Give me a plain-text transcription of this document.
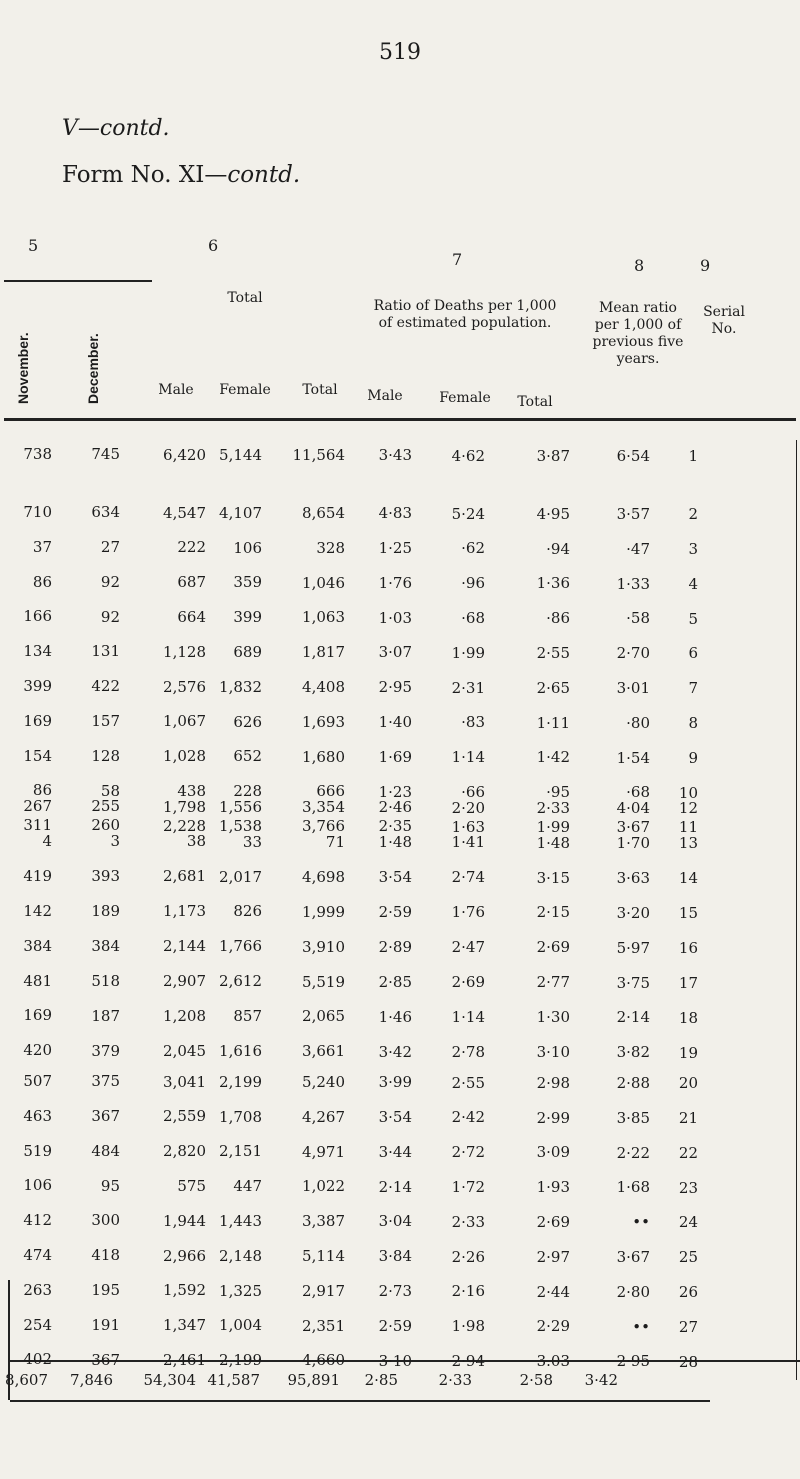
519
V—contd.
Form No. XI—contd.
5	6
7	8	9
November.	December.
Total
Male	Female	Total
Ratio of Deaths per 1,000 of estimated population.
Male	Female	Total
Mean ratio per 1,000 of previous five years.
Serial No.
738	745	6,420 5,144	11,564	3·43	4·62	3·87	6·54	1
710	634	4,547 4,107	8,654	4·83	5·24	4·95	3·57	2
37	27	222	106	328	1·25	·62	·94	·47	3
86	92	687	359	1,046	1·76	·96	1·36	1·33	4
166	92	664	399	1,063	1·03	·68	·86	·58	5
134	131	1,128	689	1,817	3·07	1·99	2·55	2·70	6
399	422	2,576 1,832	4,408	2·95	2·31	2·65	3·01	7
169	157	1,067	626	1,693	1·40	·83	1·11	·80	8
154	128	1,028	652	1,680	1·69	1·14	1·42	1·54	9
86	58	438	228	666	1·23	·66	·95	·68	10
311	260	2,228 1,538	3,766	2·35	1·63	1·99	3·67	11
267	255	1,798 1,556	3,354	2·46	2·20	2·33	4·04	12
4	3	38	33	71	1·48	1·41	1·48	1·70	13
419	393	2,681 2,017	4,698	3·54	2·74	3·15	3·63	14
142	189	1,173	826	1,999	2·59	1·76	2·15	3·20	15
384	384	2,144 1,766	3,910	2·89	2·47	2·69	5·97	16
481	518	2,907 2,612	5,519	2·85	2·69	2·77	3·75	17
169	187	1,208	857	2,065	1·46	1·14	1·30	2·14	18
420	379	2,045 1,616	3,661	3·42	2·78	3·10	3·82	19
507	375	3,041 2,199	5,240	3·99	2·55	2·98	2·88	20
463	367	2,559 1,708	4,267	3·54	2·42	2·99	3·85	21
519	484	2,820 2,151	4,971	3·44	2·72	3·09	2·22	22
106	95	575	447	1,022	2·14	1·72	1·93	1·68	23
412	300	1,944 1,443	3,387	3·04	2·33	2·69	••	24
474	418	2,966 2,148	5,114	3·84	2·26	2·97	3·67	25
263	195	1,592 1,325	2,917	2·73	2·16	2·44	2·80	26
254	191	1,347 1,004	2,351	2·59	1·98	2·29	••	27
402	367	2,461 2,199	4,660	3·10	2·94	3.03	2·95	28
8,607	7,846	54,304 41,587	95,891	2·85	2·33	2·58	3·42
